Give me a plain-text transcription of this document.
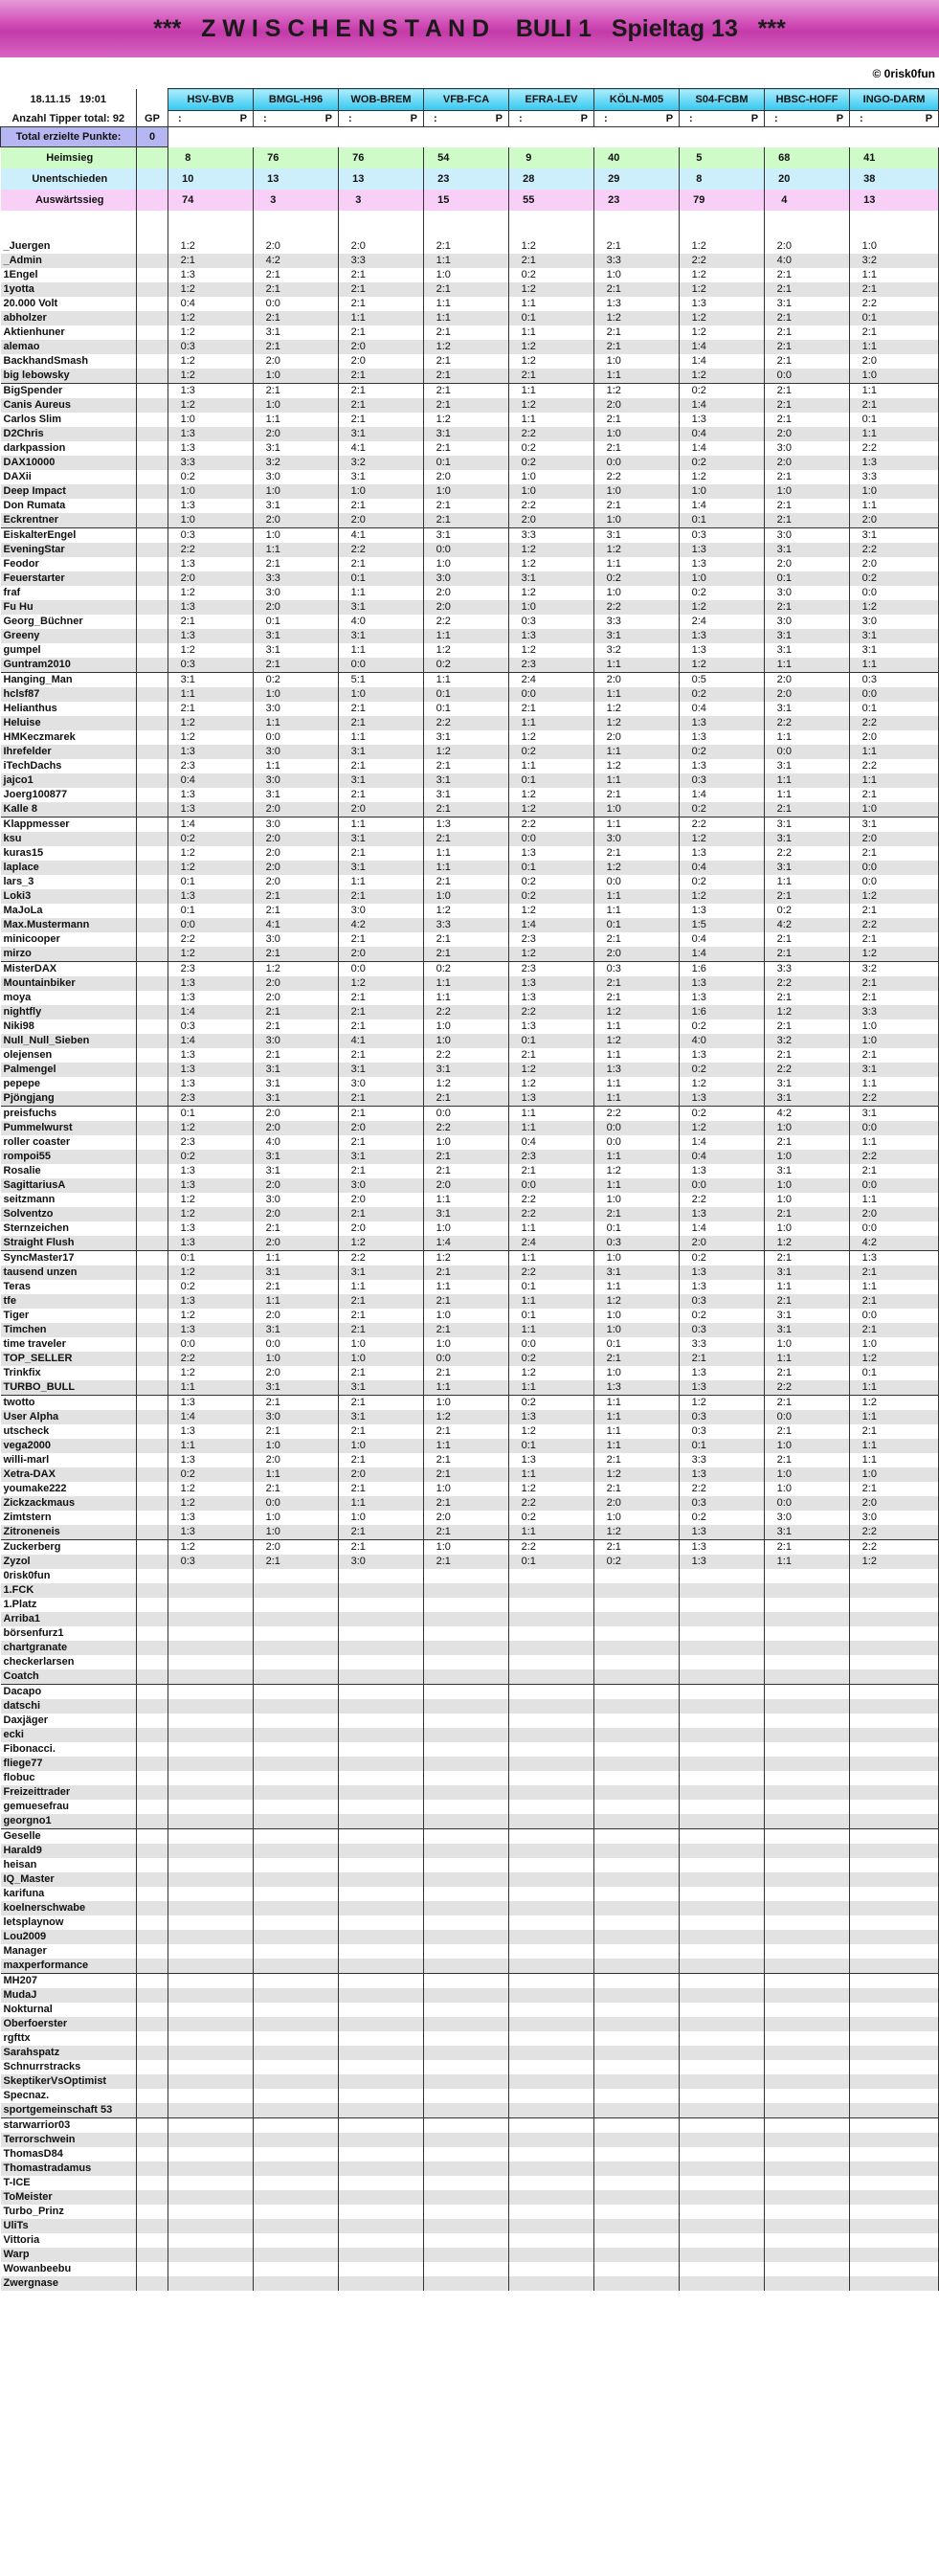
***   Z W I S C H E N S T A N D    BULI 1   Spieltag 13   ***
© 0risk0fun
18.11.15 19:01		HSV-BVB		BMGL-H96		WOB-BREM		VFB-FCA		EFRA-LEV		KÖLN-M05		S04-FCBM		HBSC-HOFF		INGO-DARM	
Anzahl Tipper total: 92	GP	:	P	:	P	:	P	:	P	:	P	:	P	:	P	:	P	:	P
Total erzielte Punkte:	0																		
Heimsieg		8		76		76		54		9		40		5		68		41	
Unentschieden		10		13		13		23		28		29		8		20		38	
Auswärtssieg		74		3		3		15		55		23		79		4		13	

_Juergen		1:2		2:0		2:0		2:1		1:2		2:1		1:2		2:0		1:0	
_Admin		2:1		4:2		3:3		1:1		2:1		3:3		2:2		4:0		3:2	
1Engel		1:3		2:1		2:1		1:0		0:2		1:0		1:2		2:1		1:1	
1yotta		1:2		2:1		2:1		2:1		1:2		2:1		1:2		2:1		2:1	
20.000 Volt		0:4		0:0		2:1		1:1		1:1		1:3		1:3		3:1		2:2	
abholzer		1:2		2:1		1:1		1:1		0:1		1:2		1:2		2:1		0:1	
Aktienhuner		1:2		3:1		2:1		2:1		1:1		2:1		1:2		2:1		2:1	
alemao		0:3		2:1		2:0		1:2		1:2		2:1		1:4		2:1		1:1	
BackhandSmash		1:2		2:0		2:0		2:1		1:2		1:0		1:4		2:1		2:0	
big lebowsky		1:2		1:0		2:1		2:1		2:1		1:1		1:2		0:0		1:0	
BigSpender		1:3		2:1		2:1		2:1		1:1		1:2		0:2		2:1		1:1	
Canis Aureus		1:2		1:0		2:1		2:1		1:2		2:0		1:4		2:1		2:1	
Carlos Slim		1:0		1:1		2:1		1:2		1:1		2:1		1:3		2:1		0:1	
D2Chris		1:3		2:0		3:1		3:1		2:2		1:0		0:4		2:0		1:1	
darkpassion		1:3		3:1		4:1		2:1		0:2		2:1		1:4		3:0		2:2	
DAX10000		3:3		3:2		3:2		0:1		0:2		0:0		0:2		2:0		1:3	
DAXii		0:2		3:0		3:1		2:0		1:0		2:2		1:2		2:1		3:3	
Deep Impact		1:0		1:0		1:0		1:0		1:0		1:0		1:0		1:0		1:0	
Don Rumata		1:3		3:1		2:1		2:1		2:2		2:1		1:4		2:1		1:1	
Eckrentner		1:0		2:0		2:0		2:1		2:0		1:0		0:1		2:1		2:0	
EiskalterEngel		0:3		1:0		4:1		3:1		3:3		3:1		0:3		3:0		3:1	
EveningStar		2:2		1:1		2:2		0:0		1:2		1:2		1:3		3:1		2:2	
Feodor		1:3		2:1		2:1		1:0		1:2		1:1		1:3		2:0		2:0	
Feuerstarter		2:0		3:3		0:1		3:0		3:1		0:2		1:0		0:1		0:2	
fraf		1:2		3:0		1:1		2:0		1:2		1:0		0:2		3:0		0:0	
Fu Hu		1:3		2:0		3:1		2:0		1:0		2:2		1:2		2:1		1:2	
Georg_Büchner		2:1		0:1		4:0		2:2		0:3		3:3		2:4		3:0		3:0	
Greeny		1:3		3:1		3:1		1:1		1:3		3:1		1:3		3:1		3:1	
gumpel		1:2		3:1		1:1		1:2		1:2		3:2		1:3		3:1		3:1	
Guntram2010		0:3		2:1		0:0		0:2		2:3		1:1		1:2		1:1		1:1	
Hanging_Man		3:1		0:2		5:1		1:1		2:4		2:0		0:5		2:0		0:3	
hclsf87		1:1		1:0		1:0		0:1		0:0		1:1		0:2		2:0		0:0	
Helianthus		2:1		3:0		2:1		0:1		2:1		1:2		0:4		3:1		0:1	
Heluise		1:2		1:1		2:1		2:2		1:1		1:2		1:3		2:2		2:2	
HMKeczmarek		1:2		0:0		1:1		3:1		1:2		2:0		1:3		1:1		2:0	
Ihrefelder		1:3		3:0		3:1		1:2		0:2		1:1		0:2		0:0		1:1	
iTechDachs		2:3		1:1		2:1		2:1		1:1		1:2		1:3		3:1		2:2	
jajco1		0:4		3:0		3:1		3:1		0:1		1:1		0:3		1:1		1:1	
Joerg100877		1:3		3:1		2:1		3:1		1:2		2:1		1:4		1:1		2:1	
Kalle 8		1:3		2:0		2:0		2:1		1:2		1:0		0:2		2:1		1:0	
Klappmesser		1:4		3:0		1:1		1:3		2:2		1:1		2:2		3:1		3:1	
ksu		0:2		2:0		3:1		2:1		0:0		3:0		1:2		3:1		2:0	
kuras15		1:2		2:0		2:1		1:1		1:3		2:1		1:3		2:2		2:1	
laplace		1:2		2:0		3:1		1:1		0:1		1:2		0:4		3:1		0:0	
lars_3		0:1		2:0		1:1		2:1		0:2		0:0		0:2		1:1		0:0	
Loki3		1:3		2:1		2:1		1:0		0:2		1:1		1:2		2:1		1:2	
MaJoLa		0:1		2:1		3:0		1:2		1:2		1:1		1:3		0:2		2:1	
Max.Mustermann		0:0		4:1		4:2		3:3		1:4		0:1		1:5		4:2		2:2	
minicooper		2:2		3:0		2:1		2:1		2:3		2:1		0:4		2:1		2:1	
mirzo		1:2		2:1		2:0		2:1		1:2		2:0		1:4		2:1		1:2	
MisterDAX		2:3		1:2		0:0		0:2		2:3		0:3		1:6		3:3		3:2	
Mountainbiker		1:3		2:0		1:2		1:1		1:3		2:1		1:3		2:2		2:1	
moya		1:3		2:0		2:1		1:1		1:3		2:1		1:3		2:1		2:1	
nightfly		1:4		2:1		2:1		2:2		2:2		1:2		1:6		1:2		3:3	
Niki98		0:3		2:1		2:1		1:0		1:3		1:1		0:2		2:1		1:0	
Null_Null_Sieben		1:4		3:0		4:1		1:0		0:1		1:2		4:0		3:2		1:0	
olejensen		1:3		2:1		2:1		2:2		2:1		1:1		1:3		2:1		2:1	
Palmengel		1:3		3:1		3:1		3:1		1:2		1:3		0:2		2:2		3:1	
pepepe		1:3		3:1		3:0		1:2		1:2		1:1		1:2		3:1		1:1	
Pjöngjang		2:3		3:1		2:1		2:1		1:3		1:1		1:3		3:1		2:2	
preisfuchs		0:1		2:0		2:1		0:0		1:1		2:2		0:2		4:2		3:1	
Pummelwurst		1:2		2:0		2:0		2:2		1:1		0:0		1:2		1:0		0:0	
roller coaster		2:3		4:0		2:1		1:0		0:4		0:0		1:4		2:1		1:1	
rompoi55		0:2		3:1		3:1		2:1		2:3		1:1		0:4		1:0		2:2	
Rosalie		1:3		3:1		2:1		2:1		2:1		1:2		1:3		3:1		2:1	
SagittariusA		1:3		2:0		3:0		2:0		0:0		1:1		0:0		1:0		0:0	
seitzmann		1:2		3:0		2:0		1:1		2:2		1:0		2:2		1:0		1:1	
Solventzo		1:2		2:0		2:1		3:1		2:2		2:1		1:3		2:1		2:0	
Sternzeichen		1:3		2:1		2:0		1:0		1:1		0:1		1:4		1:0		0:0	
Straight Flush		1:3		2:0		1:2		1:4		2:4		0:3		2:0		1:2		4:2	
SyncMaster17		0:1		1:1		2:2		1:2		1:1		1:0		0:2		2:1		1:3	
tausend unzen		1:2		3:1		3:1		2:1		2:2		3:1		1:3		3:1		2:1	
Teras		0:2		2:1		1:1		1:1		0:1		1:1		1:3		1:1		1:1	
tfe		1:3		1:1		2:1		2:1		1:1		1:2		0:3		2:1		2:1	
Tiger		1:2		2:0		2:1		1:0		0:1		1:0		0:2		3:1		0:0	
Timchen		1:3		3:1		2:1		2:1		1:1		1:0		0:3		3:1		2:1	
time traveler		0:0		0:0		1:0		1:0		0:0		0:1		3:3		1:0		1:0	
TOP_SELLER		2:2		1:0		1:0		0:0		0:2		2:1		2:1		1:1		1:2	
Trinkfix		1:2		2:0		2:1		2:1		1:2		1:0		1:3		2:1		0:1	
TURBO_BULL		1:1		3:1		3:1		1:1		1:1		1:3		1:3		2:2		1:1	
twotto		1:3		2:1		2:1		1:0		0:2		1:1		1:2		2:1		1:2	
User Alpha		1:4		3:0		3:1		1:2		1:3		1:1		0:3		0:0		1:1	
utscheck		1:3		2:1		2:1		2:1		1:2		1:1		0:3		2:1		2:1	
vega2000		1:1		1:0		1:0		1:1		0:1		1:1		0:1		1:0		1:1	
willi-marl		1:3		2:0		2:1		2:1		1:3		2:1		3:3		2:1		1:1	
Xetra-DAX		0:2		1:1		2:0		2:1		1:1		1:2		1:3		1:0		1:0	
youmake222		1:2		2:1		2:1		1:0		1:2		2:1		2:2		1:0		2:1	
Zickzackmaus		1:2		0:0		1:1		2:1		2:2		2:0		0:3		0:0		2:0	
Zimtstern		1:3		1:0		1:0		2:0		0:2		1:0		0:2		3:0		3:0	
Zitroneneis		1:3		1:0		2:1		2:1		1:1		1:2		1:3		3:1		2:2	
Zuckerberg		1:2		2:0		2:1		1:0		2:2		2:1		1:3		2:1		2:2	
Zyzol		0:3		2:1		3:0		2:1		0:1		0:2		1:3		1:1		1:2	
0risk0fun																			
1.FCK																			
1.Platz																			
Arriba1																			
börsenfurz1																			
chartgranate																			
checkerlarsen																			
Coatch																			
Dacapo																			
datschi																			
Daxjäger																			
ecki																			
Fibonacci.																			
fliege77																			
flobuc																			
Freizeittrader																			
gemuesefrau																			
georgno1																			
Geselle																			
Harald9																			
heisan																			
IQ_Master																			
karifuna																			
koelnerschwabe																			
letsplaynow																			
Lou2009																			
Manager																			
maxperformance																			
MH207																			
MudaJ																			
Nokturnal																			
Oberfoerster																			
rgfttx																			
Sarahspatz																			
Schnurrstracks																			
SkeptikerVsOptimist																			
Specnaz.																			
sportgemeinschaft 53																			
starwarrior03																			
Terrorschwein																			
ThomasD84																			
Thomastradamus																			
T-ICE																			
ToMeister																			
Turbo_Prinz																			
UliTs																			
Vittoria																			
Warp																			
Wowanbeebu																			
Zwergnase																			
